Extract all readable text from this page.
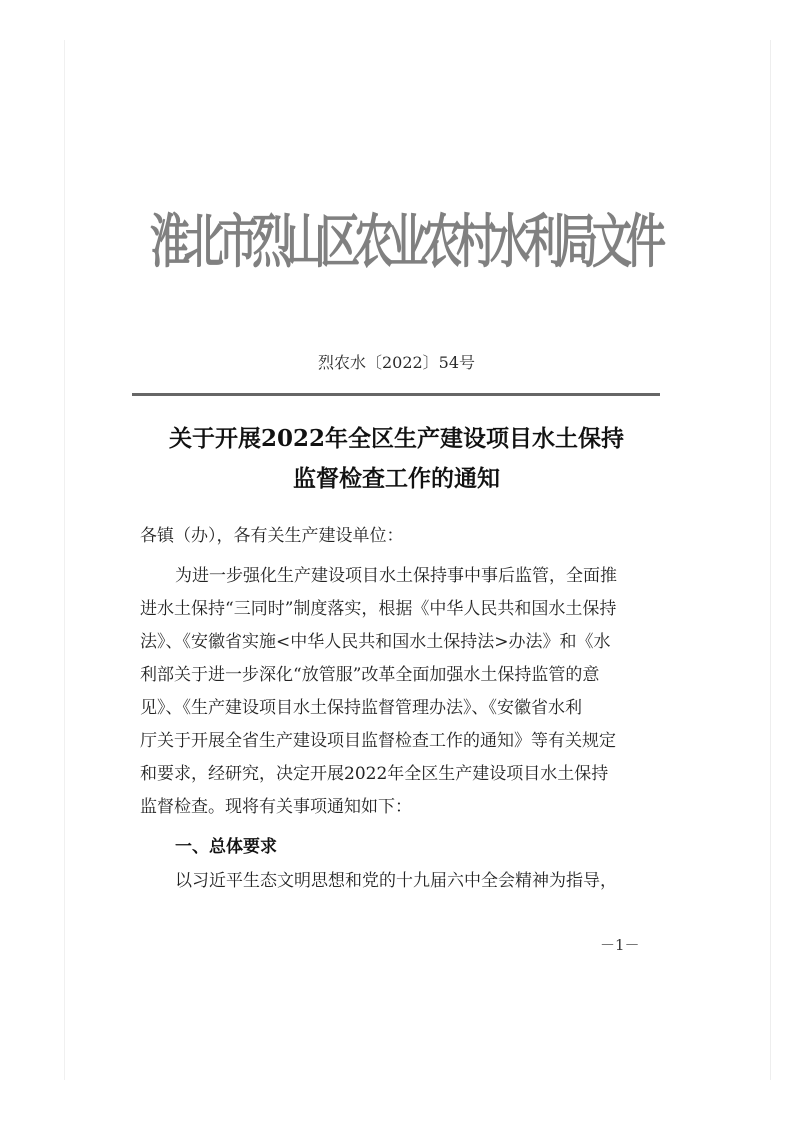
淮北市烈山区农业农村水利局文件
烈农水〔2022〕54号
关于开展2022年全区生产建设项目水土保持
监督检查工作的通知
各镇（办），各有关生产建设单位：
为进一步强化生产建设项目水土保持事中事后监管，全面推
进水土保持“三同时”制度落实，根据《中华人民共和国水土保持
法》、《安徽省实施<中华人民共和国水土保持法>办法》和《水
利部关于进一步深化“放管服”改革全面加强水土保持监管的意
见》、《生产建设项目水土保持监督管理办法》、《安徽省水利
厅关于开展全省生产建设项目监督检查工作的通知》等有关规定
和要求，经研究，决定开展2022年全区生产建设项目水土保持
监督检查。现将有关事项通知如下：
一、总体要求
以习近平生态文明思想和党的十九届六中全会精神为指导，
－1－
